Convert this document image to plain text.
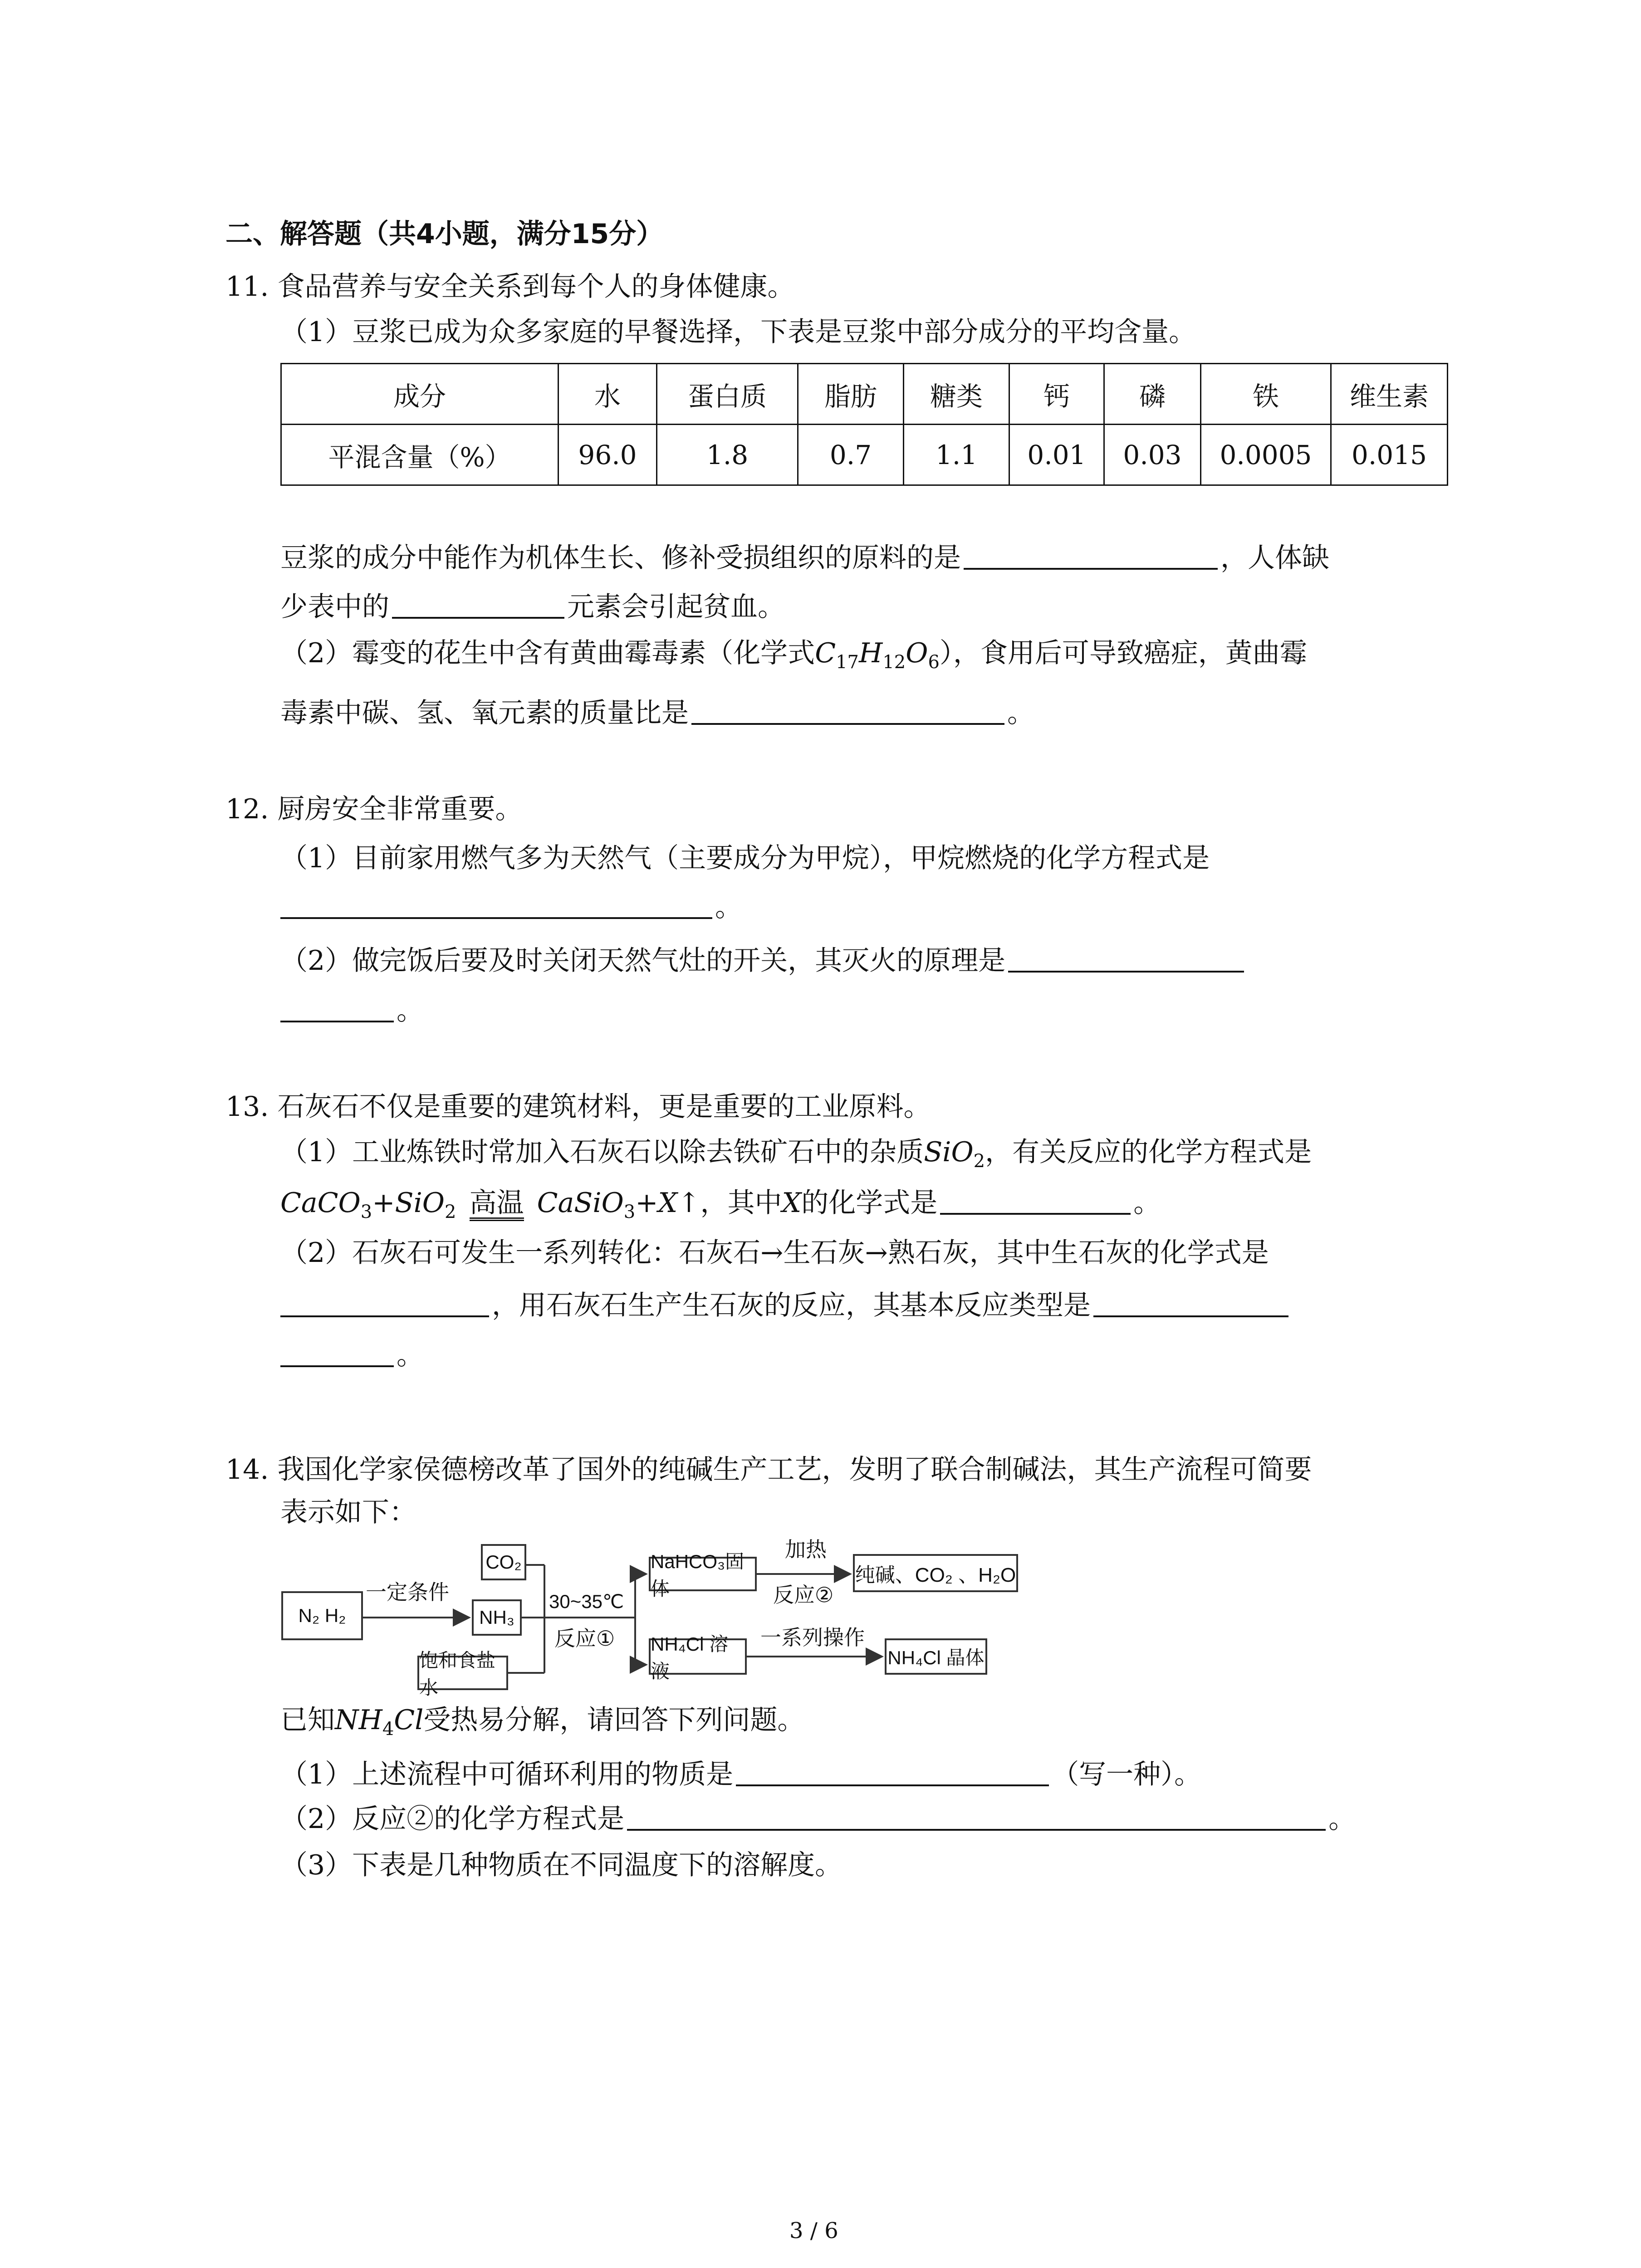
二、解答题（共4小题，满分15分）
11. 食品营养与安全关系到每个人的身体健康。
（1）豆浆已成为众多家庭的早餐选择，下表是豆浆中部分成分的平均含量。
成分	水	蛋白质	脂肪	糖类	钙	磷	铁	维生素
平混含量（%）	96.0	1.8	0.7	1.1	0.01	0.03	0.0005	0.015
豆浆的成分中能作为机体生长、修补受损组织的原料的是	，人体缺
少表中的	元素会引起贫血。
（2）霉变的花生中含有黄曲霉毒素（化学式$C_{17}H_{12}O_6$），食用后可导致癌症，黄曲霉
毒素中碳、氢、氧元素的质量比是	。
12. 厨房安全非常重要。
（1）目前家用燃气多为天然气（主要成分为甲烷），甲烷燃烧的化学方程式是
。
（2）做完饭后要及时关闭天然气灶的开关，其灭火的原理是
。
13. 石灰石不仅是重要的建筑材料，更是重要的工业原料。
（1）工业炼铁时常加入石灰石以除去铁矿石中的杂质SiO$_2$，有关反应的化学方程式是
CaCO$_3$+SiO$_2$ 高温 CaSiO$_3$+X↑，其中X的化学式是	。
（2）石灰石可发生一系列转化：石灰石→生石灰→熟石灰，其中生石灰的化学式是
，用石灰石生产生石灰的反应，其基本反应类型是
。
14. 我国化学家侯德榜改革了国外的纯碱生产工艺，发明了联合制碱法，其生产流程可简要
表示如下：
N₂ H₂
一定条件
CO₂
NH₃
饱和食盐水
30~35℃
反应①
NaHCO₃固体
加热
反应②
纯碱、CO₂ 、H₂O
NH₄Cl 溶液
一系列操作
NH₄Cl 晶体
已知$NH_4Cl$受热易分解，请回答下列问题。
（1）上述流程中可循环利用的物质是	（写一种）。
（2）反应②的化学方程式是	。
（3）下表是几种物质在不同温度下的溶解度。
3 / 6
